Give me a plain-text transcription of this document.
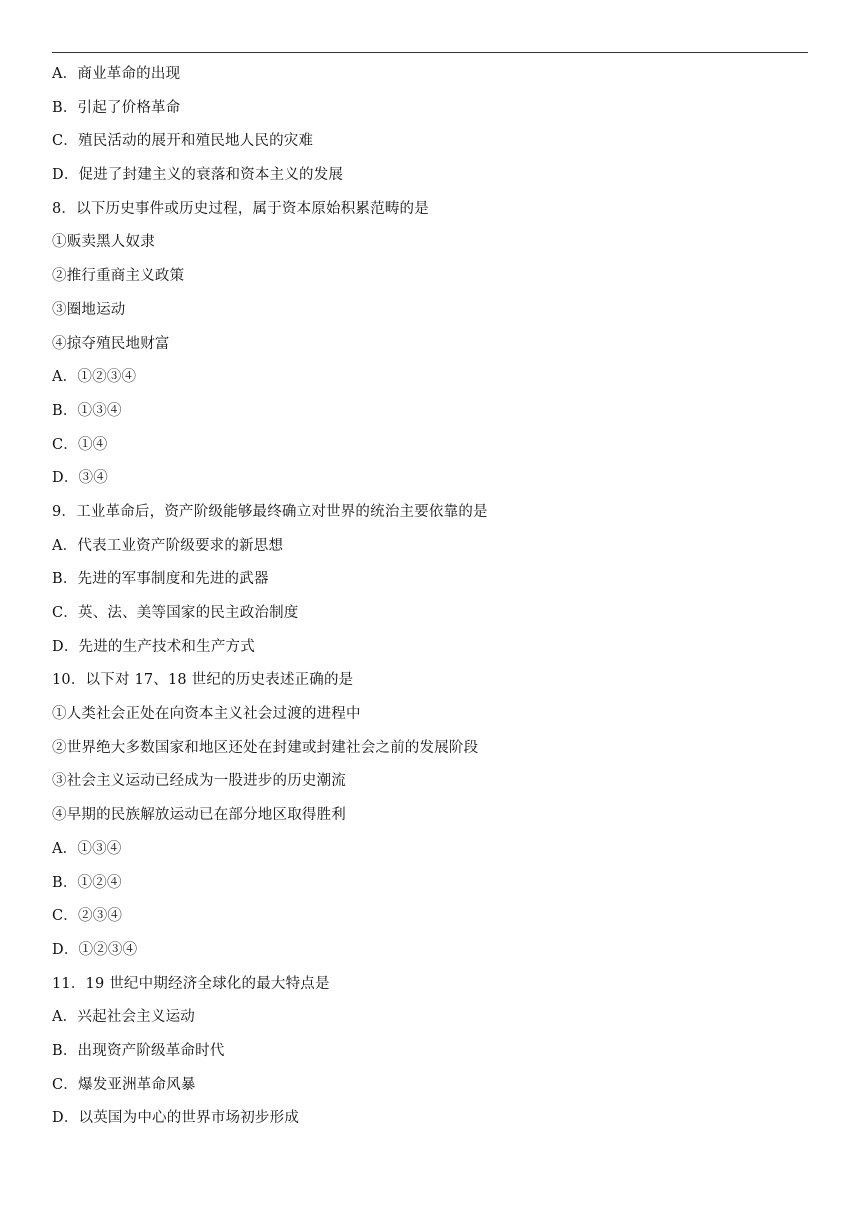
A．商业革命的出现
B．引起了价格革命
C．殖民活动的展开和殖民地人民的灾难
D．促进了封建主义的衰落和资本主义的发展
8．以下历史事件或历史过程，属于资本原始积累范畴的是
①贩卖黑人奴隶
②推行重商主义政策
③圈地运动
④掠夺殖民地财富
A．①②③④
B．①③④
C．①④
D．③④
9．工业革命后，资产阶级能够最终确立对世界的统治主要依靠的是
A．代表工业资产阶级要求的新思想
B．先进的军事制度和先进的武器
C．英、法、美等国家的民主政治制度
D．先进的生产技术和生产方式
10．以下对 17、18 世纪的历史表述正确的是
①人类社会正处在向资本主义社会过渡的进程中
②世界绝大多数国家和地区还处在封建或封建社会之前的发展阶段
③社会主义运动已经成为一股进步的历史潮流
④早期的民族解放运动已在部分地区取得胜利
A．①③④
B．①②④
C．②③④
D．①②③④
11．19 世纪中期经济全球化的最大特点是
A．兴起社会主义运动
B．出现资产阶级革命时代
C．爆发亚洲革命风暴
D．以英国为中心的世界市场初步形成
